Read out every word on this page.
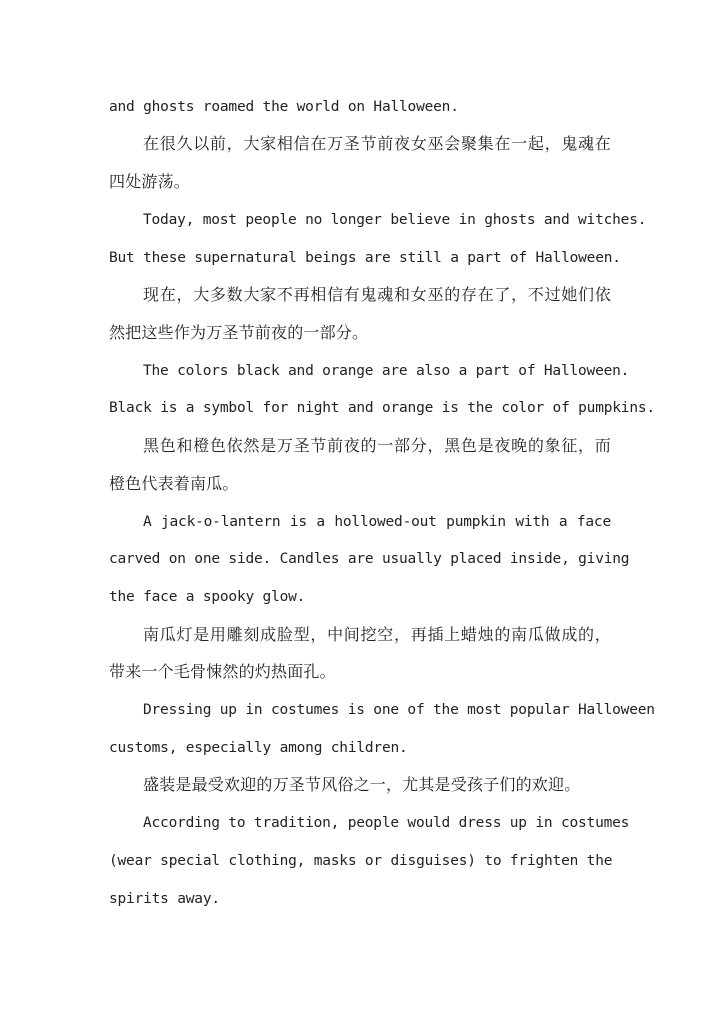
and ghosts roamed the world on Halloween.
在很久以前，大家相信在万圣节前夜女巫会聚集在一起，鬼魂在
四处游荡。
Today, most people no longer believe in ghosts and witches.
But these supernatural beings are still a part of Halloween.
现在，大多数大家不再相信有鬼魂和女巫的存在了，不过她们依
然把这些作为万圣节前夜的一部分。
The colors black and orange are also a part of Halloween.
Black is a symbol for night and orange is the color of pumpkins.
黑色和橙色依然是万圣节前夜的一部分，黑色是夜晚的象征，而
橙色代表着南瓜。
A jack-o-lantern is a hollowed-out pumpkin with a face
carved on one side. Candles are usually placed inside, giving
the face a spooky glow.
南瓜灯是用雕刻成脸型，中间挖空，再插上蜡烛的南瓜做成的，
带来一个毛骨悚然的灼热面孔。
Dressing up in costumes is one of the most popular Halloween
customs, especially among children.
盛装是最受欢迎的万圣节风俗之一，尤其是受孩子们的欢迎。
According to tradition, people would dress up in costumes
(wear special clothing, masks or disguises) to frighten the
spirits away.
